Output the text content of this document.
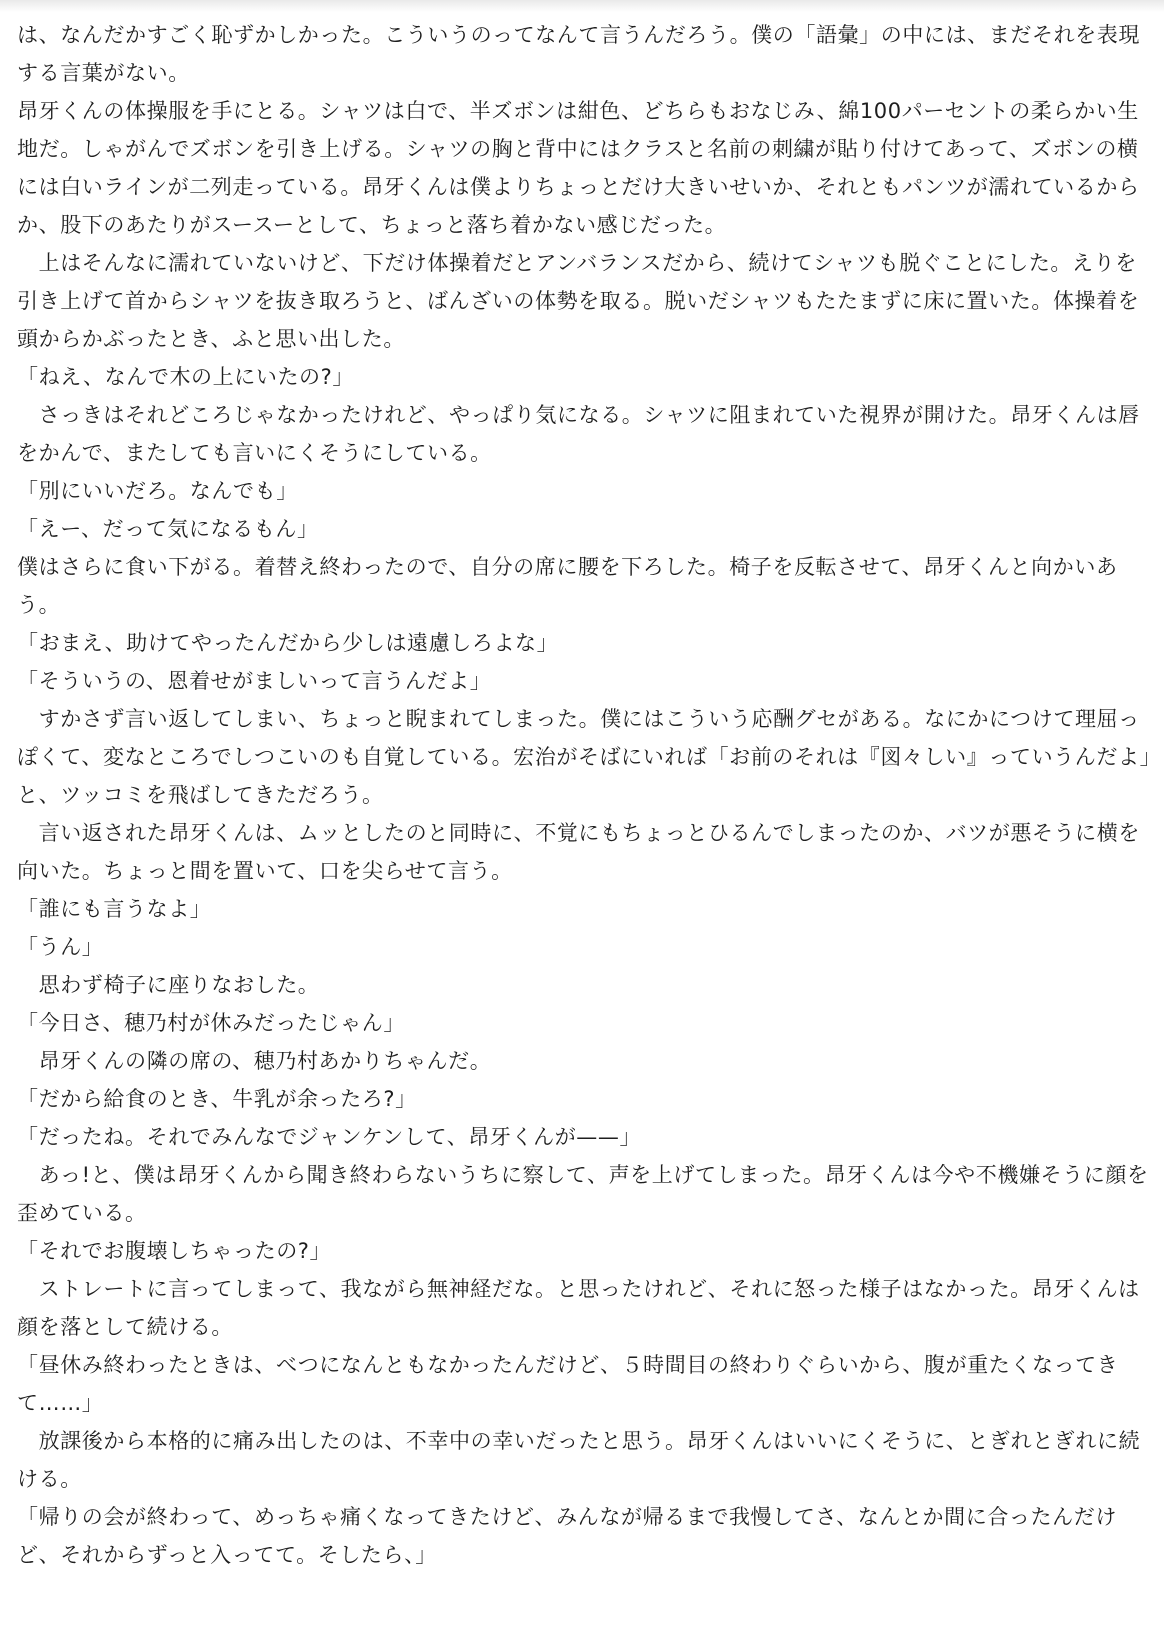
は、なんだかすごく恥ずかしかった。こういうのってなんて言うんだろう。僕の「語彙」の中には、まだそれを表現する言葉がない。

昂牙くんの体操服を手にとる。シャツは白で、半ズボンは紺色、どちらもおなじみ、綿100パーセントの柔らかい生地だ。しゃがんでズボンを引き上げる。シャツの胸と背中にはクラスと名前の刺繍が貼り付けてあって、ズボンの横には白いラインが二列走っている。昂牙くんは僕よりちょっとだけ大きいせいか、それともパンツが濡れているからか、股下のあたりがスースーとして、ちょっと落ち着かない感じだった。

　上はそんなに濡れていないけど、下だけ体操着だとアンバランスだから、続けてシャツも脱ぐことにした。えりを引き上げて首からシャツを抜き取ろうと、ばんざいの体勢を取る。脱いだシャツもたたまずに床に置いた。体操着を頭からかぶったとき、ふと思い出した。

「ねえ、なんで木の上にいたの?」

　さっきはそれどころじゃなかったけれど、やっぱり気になる。シャツに阻まれていた視界が開けた。昂牙くんは唇をかんで、またしても言いにくそうにしている。

「別にいいだろ。なんでも」

「えー、だって気になるもん」

僕はさらに食い下がる。着替え終わったので、自分の席に腰を下ろした。椅子を反転させて、昂牙くんと向かいあう。

「おまえ、助けてやったんだから少しは遠慮しろよな」

「そういうの、恩着せがましいって言うんだよ」

　すかさず言い返してしまい、ちょっと睨まれてしまった。僕にはこういう応酬グセがある。なにかにつけて理屈っぽくて、変なところでしつこいのも自覚している。宏治がそばにいれば「お前のそれは『図々しい』っていうんだよ」と、ツッコミを飛ばしてきただろう。

　言い返された昂牙くんは、ムッとしたのと同時に、不覚にもちょっとひるんでしまったのか、バツが悪そうに横を向いた。ちょっと間を置いて、口を尖らせて言う。

「誰にも言うなよ」

「うん」

　思わず椅子に座りなおした。

「今日さ、穂乃村が休みだったじゃん」

　昂牙くんの隣の席の、穂乃村あかりちゃんだ。

「だから給食のとき、牛乳が余ったろ?」

「だったね。それでみんなでジャンケンして、昂牙くんが——」

　あっ!と、僕は昂牙くんから聞き終わらないうちに察して、声を上げてしまった。昂牙くんは今や不機嫌そうに顔を歪めている。

「それでお腹壊しちゃったの?」

　ストレートに言ってしまって、我ながら無神経だな。と思ったけれど、それに怒った様子はなかった。昂牙くんは顔を落として続ける。

「昼休み終わったときは、べつになんともなかったんだけど、５時間目の終わりぐらいから、腹が重たくなってきて……」

　放課後から本格的に痛み出したのは、不幸中の幸いだったと思う。昂牙くんはいいにくそうに、とぎれとぎれに続ける。

「帰りの会が終わって、めっちゃ痛くなってきたけど、みんなが帰るまで我慢してさ、なんとか間に合ったんだけど、それからずっと入ってて。そしたら、」
